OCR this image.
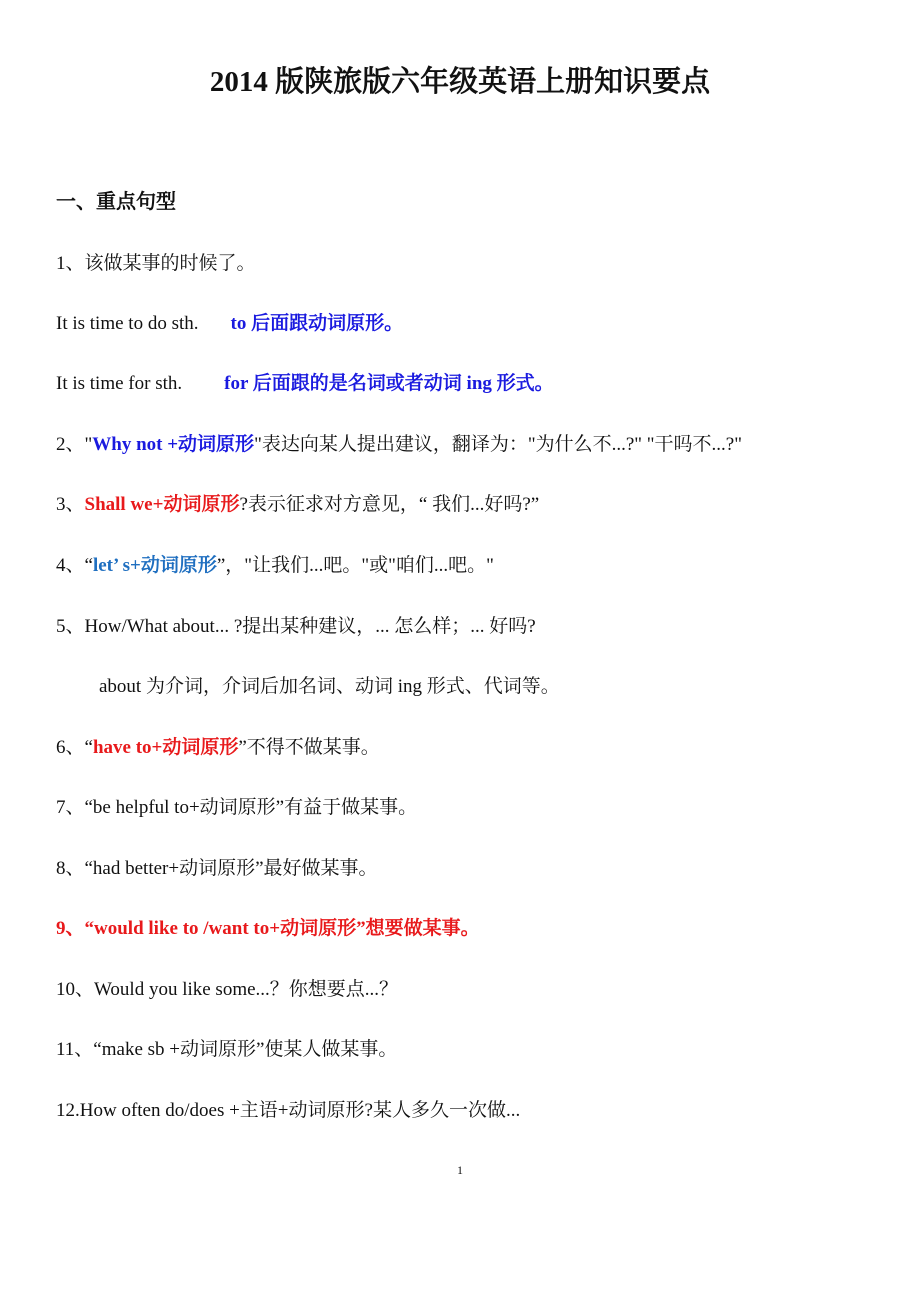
2014 版陕旅版六年级英语上册知识要点
一、重点句型
1、该做某事的时候了。
It is time to do sth. to 后面跟动词原形。
It is time for sth. for 后面跟的是名词或者动词 ing 形式。
2、"Why not +动词原形"表达向某人提出建议，翻译为："为什么不...?" "干吗不...?"
3、Shall we+动词原形?表示征求对方意见，“ 我们...好吗?”
4、“let’ s+动词原形”，"让我们...吧。"或"咱们...吧。"
5、How/What about... ?提出某种建议，... 怎么样；... 好吗?
about 为介词，介词后加名词、动词 ing 形式、代词等。
6、“have to+动词原形”不得不做某事。
7、“be helpful to+动词原形”有益于做某事。
8、“had better+动词原形”最好做某事。
9、“would like to /want to+动词原形”想要做某事。
10、Would you like some...？你想要点...？
11、“make sb +动词原形”使某人做某事。
12.How often do/does +主语+动词原形?某人多久一次做...
1
